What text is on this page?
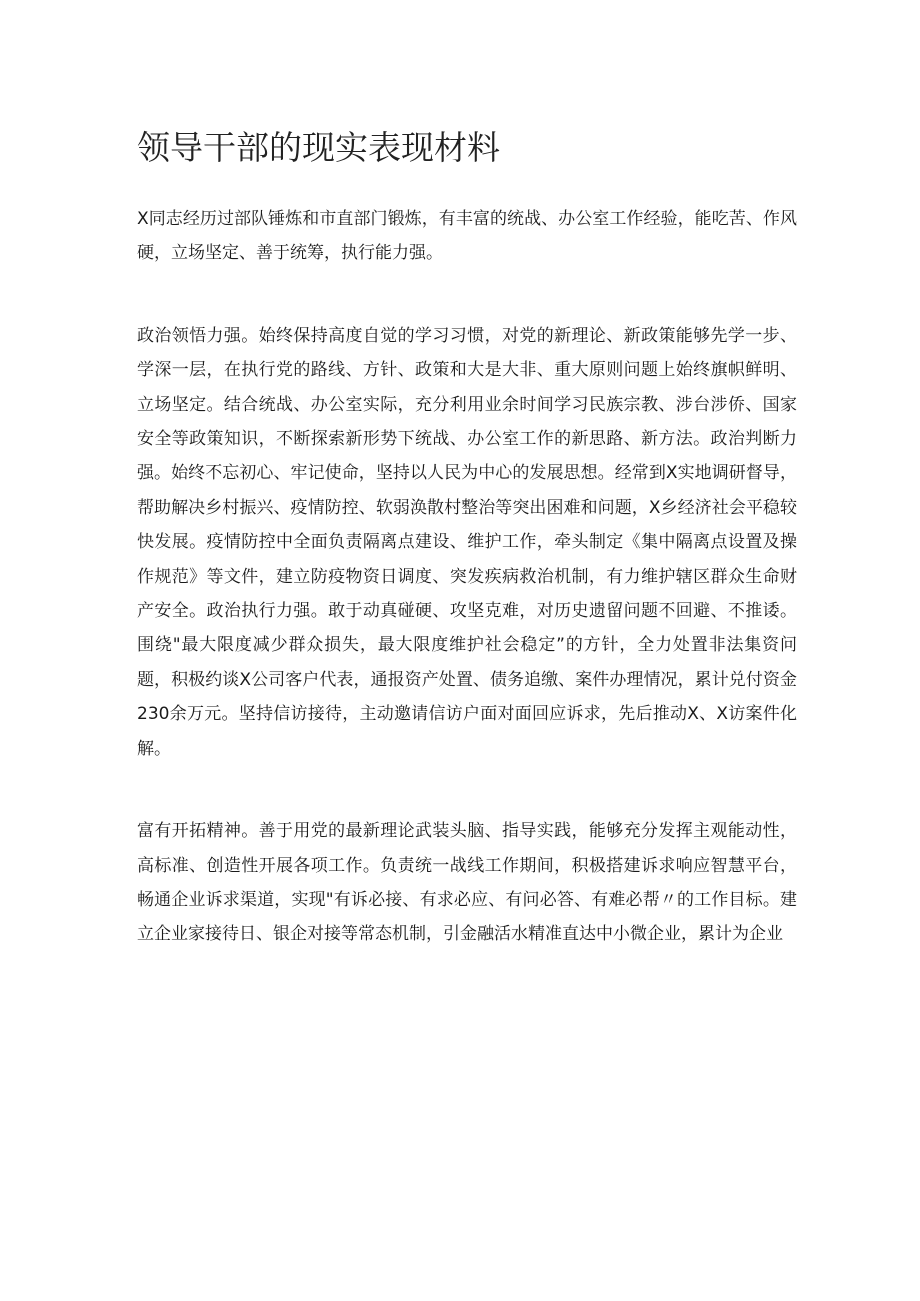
领导干部的现实表现材料

X同志经历过部队锤炼和市直部门锻炼，有丰富的统战、办公室工作经验，能吃苦、作风硬，立场坚定、善于统筹，执行能力强。

政治领悟力强。始终保持高度自觉的学习习惯，对党的新理论、新政策能够先学一步、学深一层，在执行党的路线、方针、政策和大是大非、重大原则问题上始终旗帜鲜明、立场坚定。结合统战、办公室实际，充分利用业余时间学习民族宗教、涉台涉侨、国家安全等政策知识，不断探索新形势下统战、办公室工作的新思路、新方法。政治判断力强。始终不忘初心、牢记使命，坚持以人民为中心的发展思想。经常到X实地调研督导，帮助解决乡村振兴、疫情防控、软弱涣散村整治等突出困难和问题，X乡经济社会平稳较快发展。疫情防控中全面负责隔离点建设、维护工作，牵头制定《集中隔离点设置及操作规范》等文件，建立防疫物资日调度、突发疾病救治机制，有力维护辖区群众生命财产安全。政治执行力强。敢于动真碰硬、攻坚克难，对历史遗留问题不回避、不推诿。围绕"最大限度减少群众损失，最大限度维护社会稳定”的方针，全力处置非法集资问题，积极约谈X公司客户代表，通报资产处置、债务追缴、案件办理情况，累计兑付资金230余万元。坚持信访接待，主动邀请信访户面对面回应诉求，先后推动X、X访案件化解。

富有开拓精神。善于用党的最新理论武装头脑、指导实践，能够充分发挥主观能动性，高标准、创造性开展各项工作。负责统一战线工作期间，积极搭建诉求响应智慧平台，畅通企业诉求渠道，实现"有诉必接、有求必应、有问必答、有难必帮〃的工作目标。建立企业家接待日、银企对接等常态机制，引金融活水精准直达中小微企业，累计为企业
